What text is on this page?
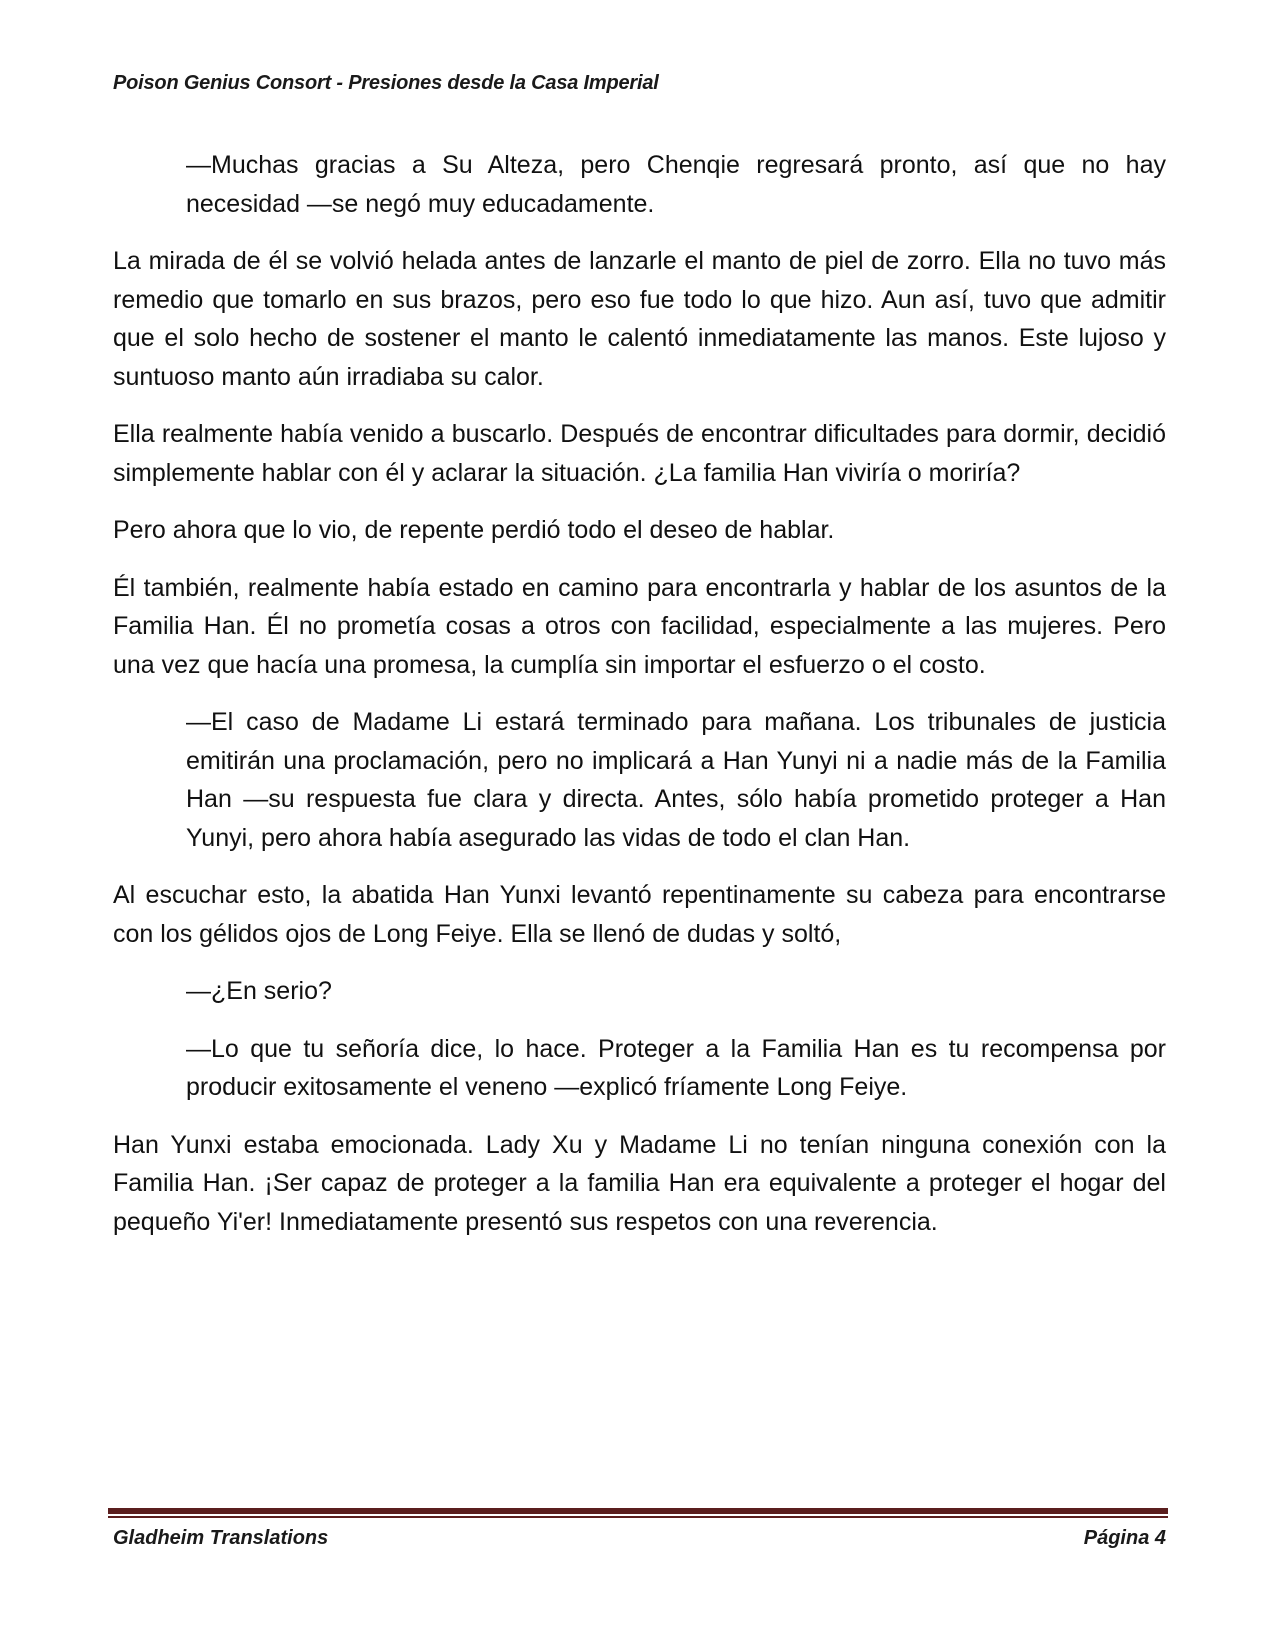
Poison Genius Consort - Presiones desde la Casa Imperial

—Muchas gracias a Su Alteza, pero Chenqie regresará pronto, así que no hay necesidad —se negó muy educadamente.

La mirada de él se volvió helada antes de lanzarle el manto de piel de zorro. Ella no tuvo más remedio que tomarlo en sus brazos, pero eso fue todo lo que hizo. Aun así, tuvo que admitir que el solo hecho de sostener el manto le calentó inmediatamente las manos. Este lujoso y suntuoso manto aún irradiaba su calor.

Ella realmente había venido a buscarlo. Después de encontrar dificultades para dormir, decidió simplemente hablar con él y aclarar la situación. ¿La familia Han viviría o moriría?

Pero ahora que lo vio, de repente perdió todo el deseo de hablar.

Él también, realmente había estado en camino para encontrarla y hablar de los asuntos de la Familia Han. Él no prometía cosas a otros con facilidad, especialmente a las mujeres. Pero una vez que hacía una promesa, la cumplía sin importar el esfuerzo o el costo.

—El caso de Madame Li estará terminado para mañana. Los tribunales de justicia emitirán una proclamación, pero no implicará a Han Yunyi ni a nadie más de la Familia Han —su respuesta fue clara y directa. Antes, sólo había prometido proteger a Han Yunyi, pero ahora había asegurado las vidas de todo el clan Han.

Al escuchar esto, la abatida Han Yunxi levantó repentinamente su cabeza para encontrarse con los gélidos ojos de Long Feiye. Ella se llenó de dudas y soltó,

—¿En serio?

—Lo que tu señoría dice, lo hace. Proteger a la Familia Han es tu recompensa por producir exitosamente el veneno —explicó fríamente Long Feiye.

Han Yunxi estaba emocionada. Lady Xu y Madame Li no tenían ninguna conexión con la Familia Han. ¡Ser capaz de proteger a la familia Han era equivalente a proteger el hogar del pequeño Yi'er! Inmediatamente presentó sus respetos con una reverencia.

Gladheim Translations	Página 4
